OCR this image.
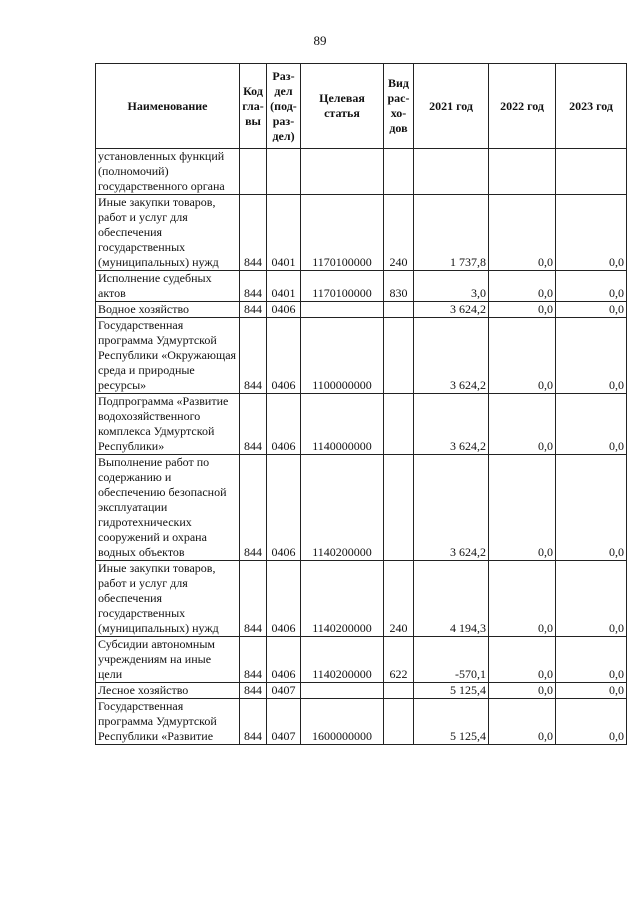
89
Наименование	Код гла-вы	Раз-дел (под-раз-дел)	Целевая статья	Вид рас-хо-дов	2021 год	2022 год	2023 год
установленных функций (полномочий) государственного органа							
Иные закупки товаров, работ и услуг для обеспечения государственных (муниципальных) нужд	844	0401	1170100000	240	1 737,8	0,0	0,0
Исполнение судебных актов	844	0401	1170100000	830	3,0	0,0	0,0
Водное хозяйство	844	0406			3 624,2	0,0	0,0
Государственная программа Удмуртской Республики «Окружающая среда и природные ресурсы»	844	0406	1100000000		3 624,2	0,0	0,0
Подпрограмма «Развитие водохозяйственного комплекса Удмуртской Республики»	844	0406	1140000000		3 624,2	0,0	0,0
Выполнение работ по содержанию и обеспечению безопасной эксплуатации гидротехнических сооружений и охрана водных объектов	844	0406	1140200000		3 624,2	0,0	0,0
Иные закупки товаров, работ и услуг для обеспечения государственных (муниципальных) нужд	844	0406	1140200000	240	4 194,3	0,0	0,0
Субсидии автономным учреждениям на иные цели	844	0406	1140200000	622	-570,1	0,0	0,0
Лесное хозяйство	844	0407			5 125,4	0,0	0,0
Государственная программа Удмуртской Республики «Развитие	844	0407	1600000000		5 125,4	0,0	0,0
